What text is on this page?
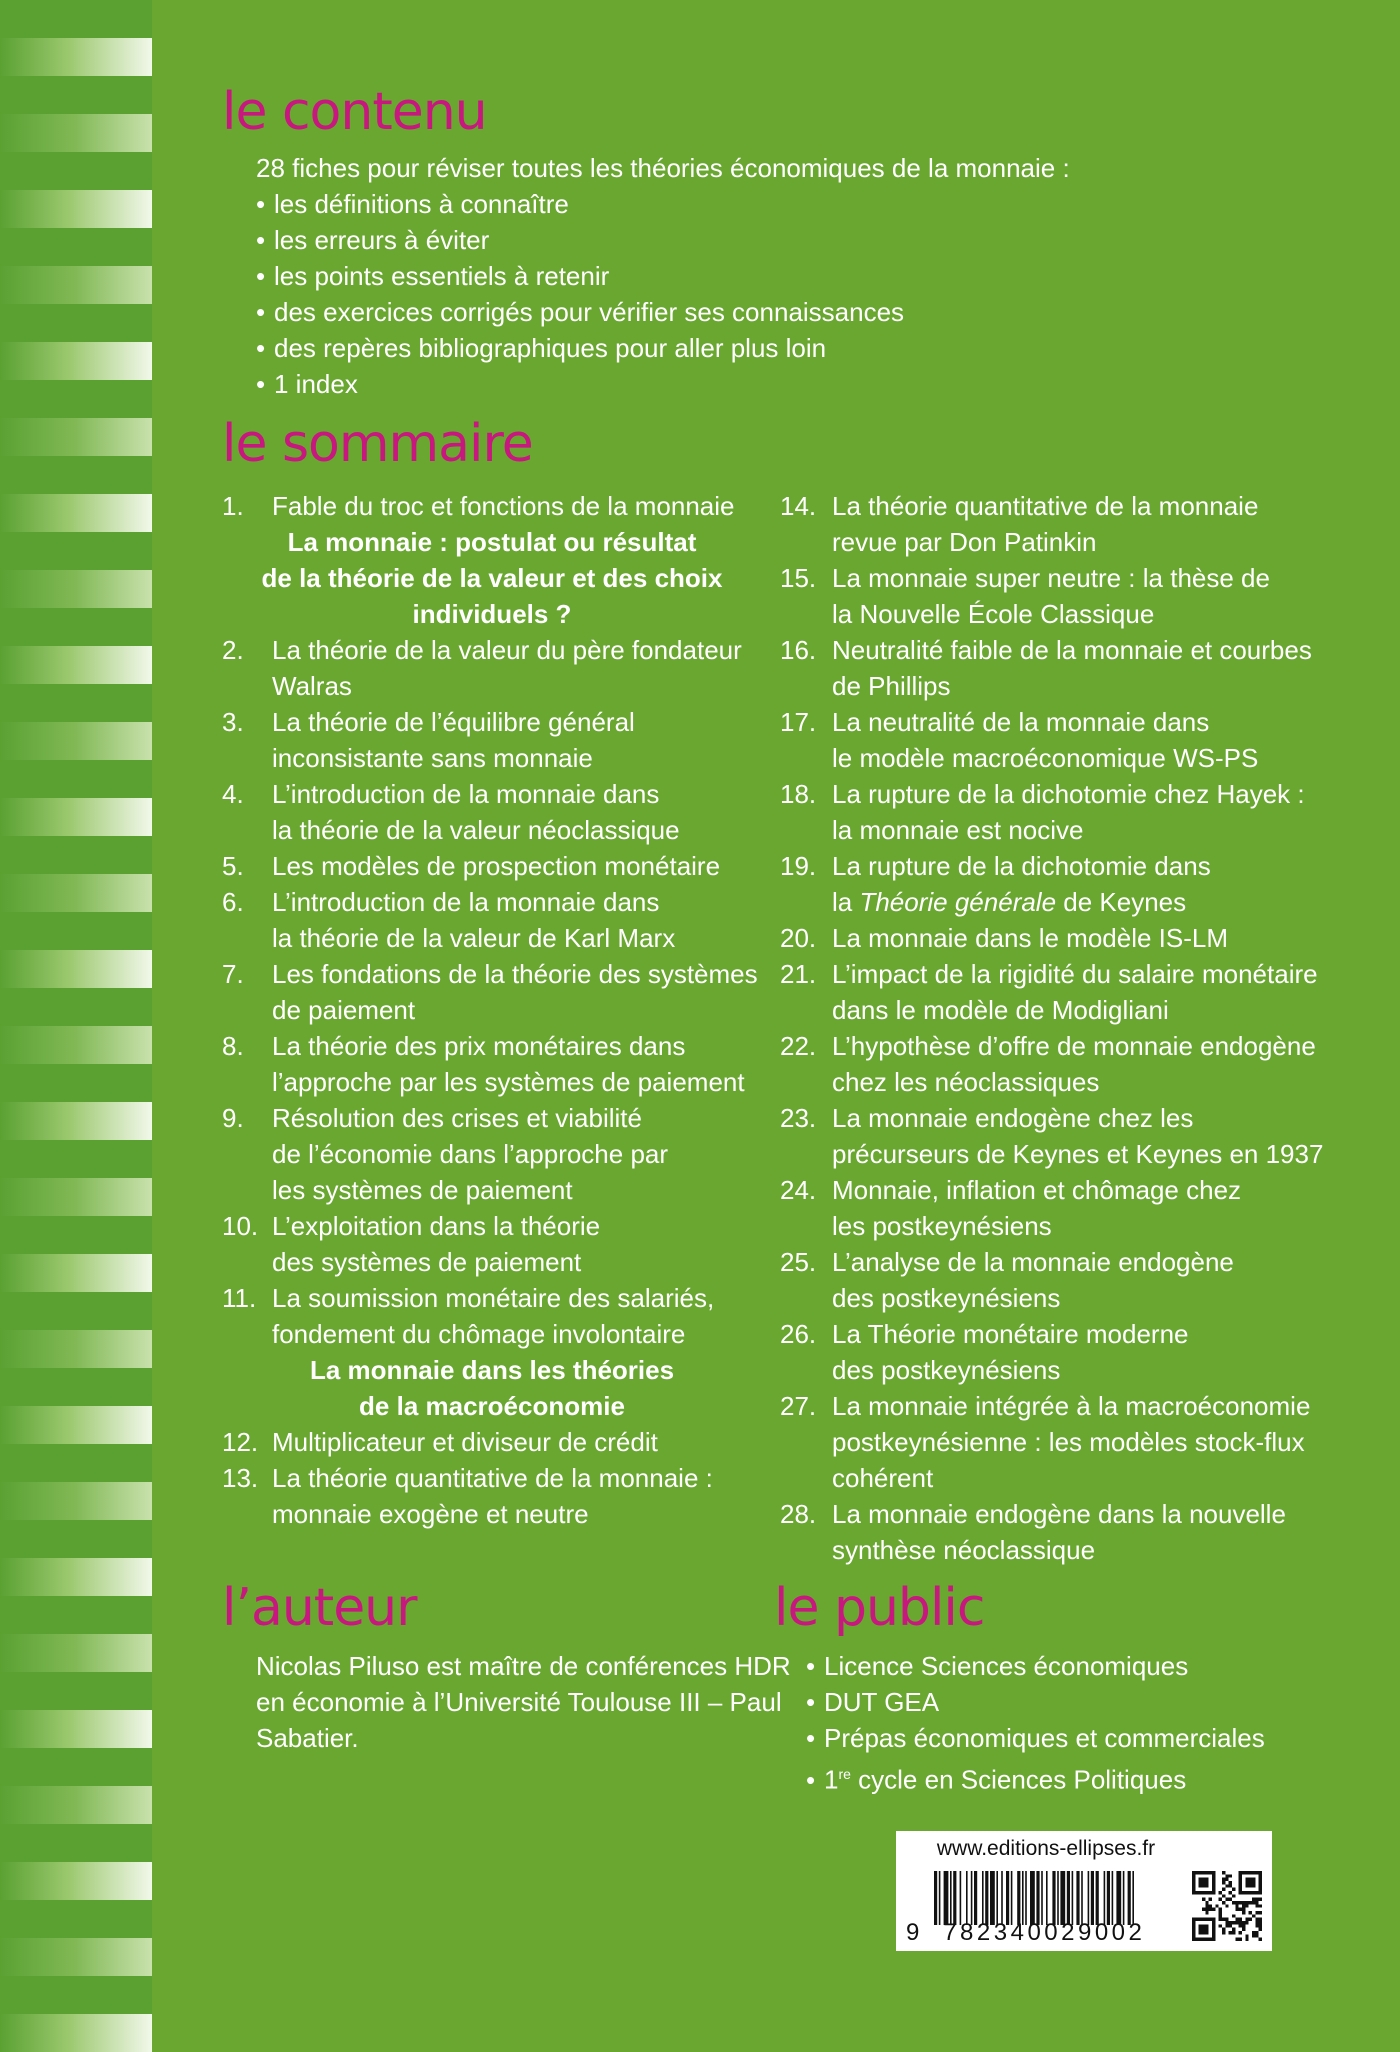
le contenu
28 fiches pour réviser toutes les théories économiques de la monnaie :
• les définitions à connaître
• les erreurs à éviter
• les points essentiels à retenir
• des exercices corrigés pour vérifier ses connaissances
• des repères bibliographiques pour aller plus loin
• 1 index
le sommaire
1. Fable du troc et fonctions de la monnaie
La monnaie : postulat ou résultat
de la théorie de la valeur et des choix
individuels ?
2. La théorie de la valeur du père fondateur
Walras
3. La théorie de l’équilibre général
inconsistante sans monnaie
4. L’introduction de la monnaie dans
la théorie de la valeur néoclassique
5. Les modèles de prospection monétaire
6. L’introduction de la monnaie dans
la théorie de la valeur de Karl Marx
7. Les fondations de la théorie des systèmes
de paiement
8. La théorie des prix monétaires dans
l’approche par les systèmes de paiement
9. Résolution des crises et viabilité
de l’économie dans l’approche par
les systèmes de paiement
10. L’exploitation dans la théorie
des systèmes de paiement
11. La soumission monétaire des salariés,
fondement du chômage involontaire
La monnaie dans les théories
de la macroéconomie
12. Multiplicateur et diviseur de crédit
13. La théorie quantitative de la monnaie :
monnaie exogène et neutre
14. La théorie quantitative de la monnaie
revue par Don Patinkin
15. La monnaie super neutre : la thèse de
la Nouvelle École Classique
16. Neutralité faible de la monnaie et courbes
de Phillips
17. La neutralité de la monnaie dans
le modèle macroéconomique WS-PS
18. La rupture de la dichotomie chez Hayek :
la monnaie est nocive
19. La rupture de la dichotomie dans
la Théorie générale de Keynes
20. La monnaie dans le modèle IS-LM
21. L’impact de la rigidité du salaire monétaire
dans le modèle de Modigliani
22. L’hypothèse d’offre de monnaie endogène
chez les néoclassiques
23. La monnaie endogène chez les
précurseurs de Keynes et Keynes en 1937
24. Monnaie, inflation et chômage chez
les postkeynésiens
25. L’analyse de la monnaie endogène
des postkeynésiens
26. La Théorie monétaire moderne
des postkeynésiens
27. La monnaie intégrée à la macroéconomie
postkeynésienne : les modèles stock-flux
cohérent
28. La monnaie endogène dans la nouvelle
synthèse néoclassique
l’auteur
Nicolas Piluso est maître de conférences HDR
en économie à l’Université Toulouse III – Paul
Sabatier.
le public
• Licence Sciences économiques
• DUT GEA
• Prépas économiques et commerciales
• 1re cycle en Sciences Politiques
www.editions-ellipses.fr
9 782340029002
